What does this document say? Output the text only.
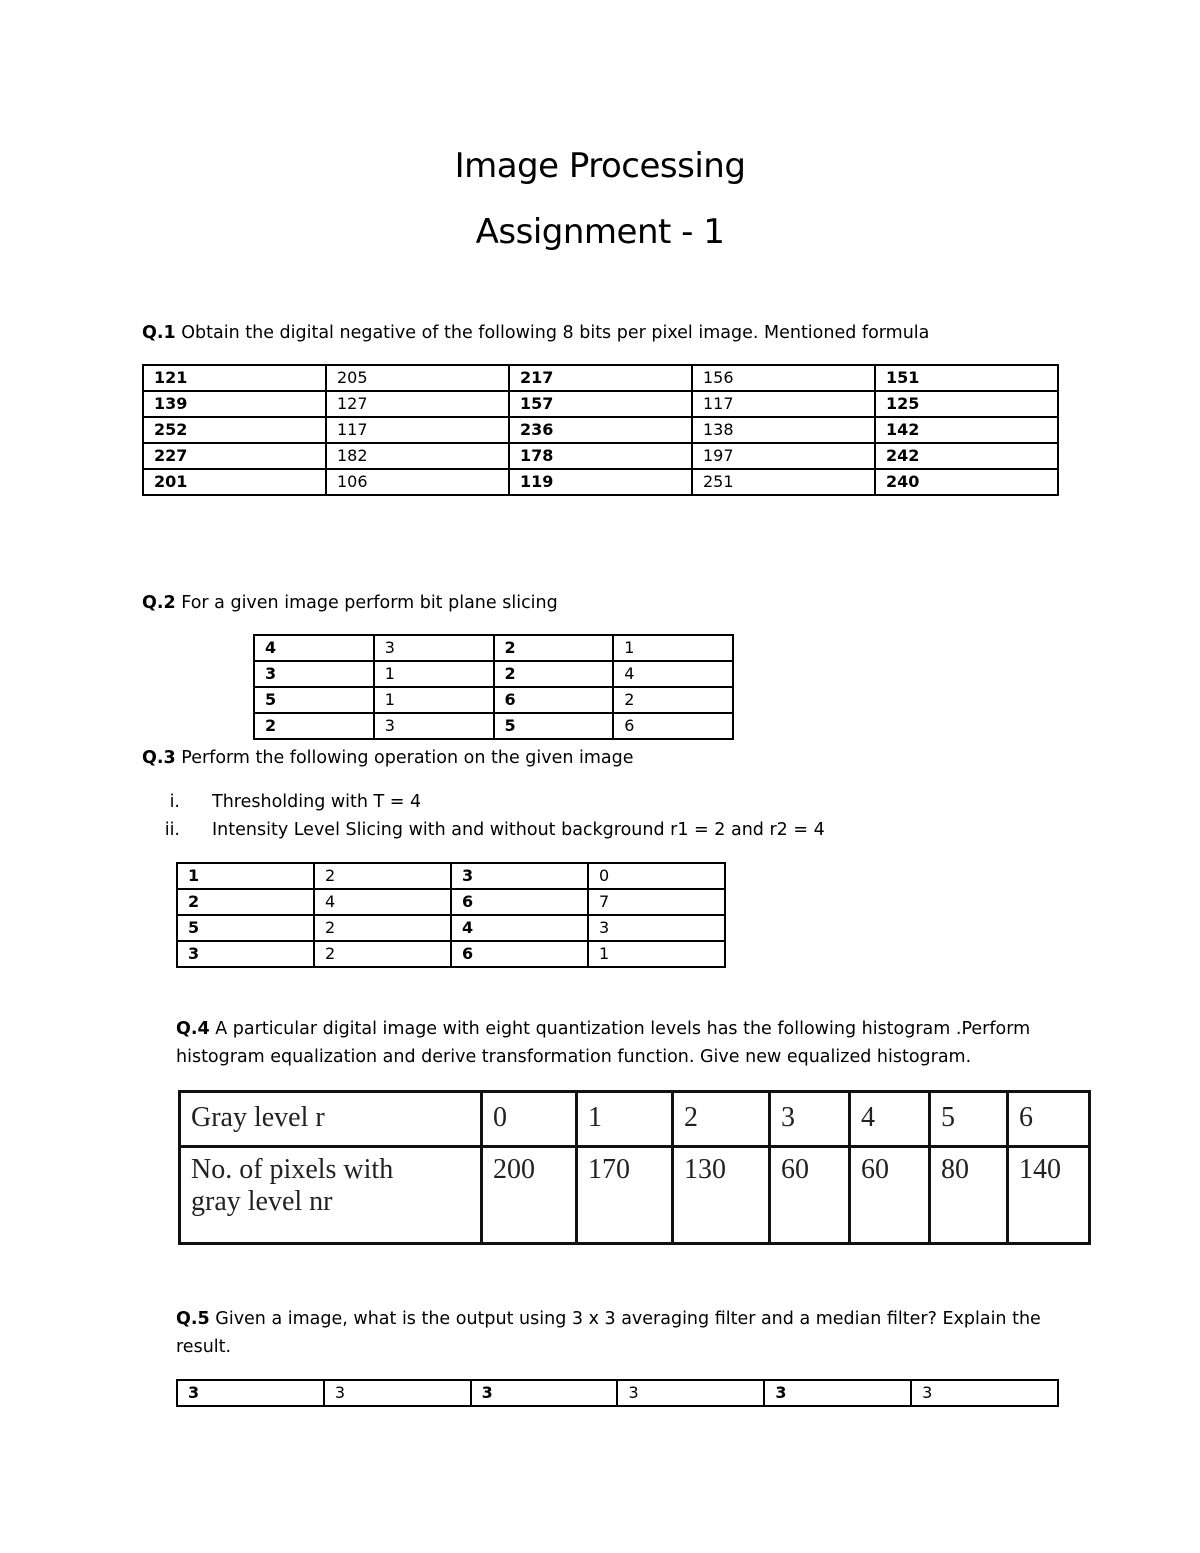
Image Processing
Assignment - 1
Q.1 Obtain the digital negative of the following 8 bits per pixel image. Mentioned formula
121	205	217	156	151
139	127	157	117	125
252	117	236	138	142
227	182	178	197	242
201	106	119	251	240
Q.2 For a given image perform bit plane slicing
4	3	2	1
3	1	2	4
5	1	6	2
2	3	5	6
Q.3 Perform the following operation on the given image
i. Thresholding with T = 4
ii. Intensity Level Slicing with and without background r1 = 2 and r2 = 4
1	2	3	0
2	4	6	7
5	2	4	3
3	2	6	1
Q.4 A particular digital image with eight quantization levels has the following histogram .Perform
histogram equalization and derive transformation function. Give new equalized histogram.
Gray level r	0	1	2	3	4	5	6	
No. of pixels with
gray level nr	200	170	130	60	60	80	140	
Q.5 Given a image, what is the output using 3 x 3 averaging filter and a median filter? Explain the
result.
3	3	3	3	3	3
